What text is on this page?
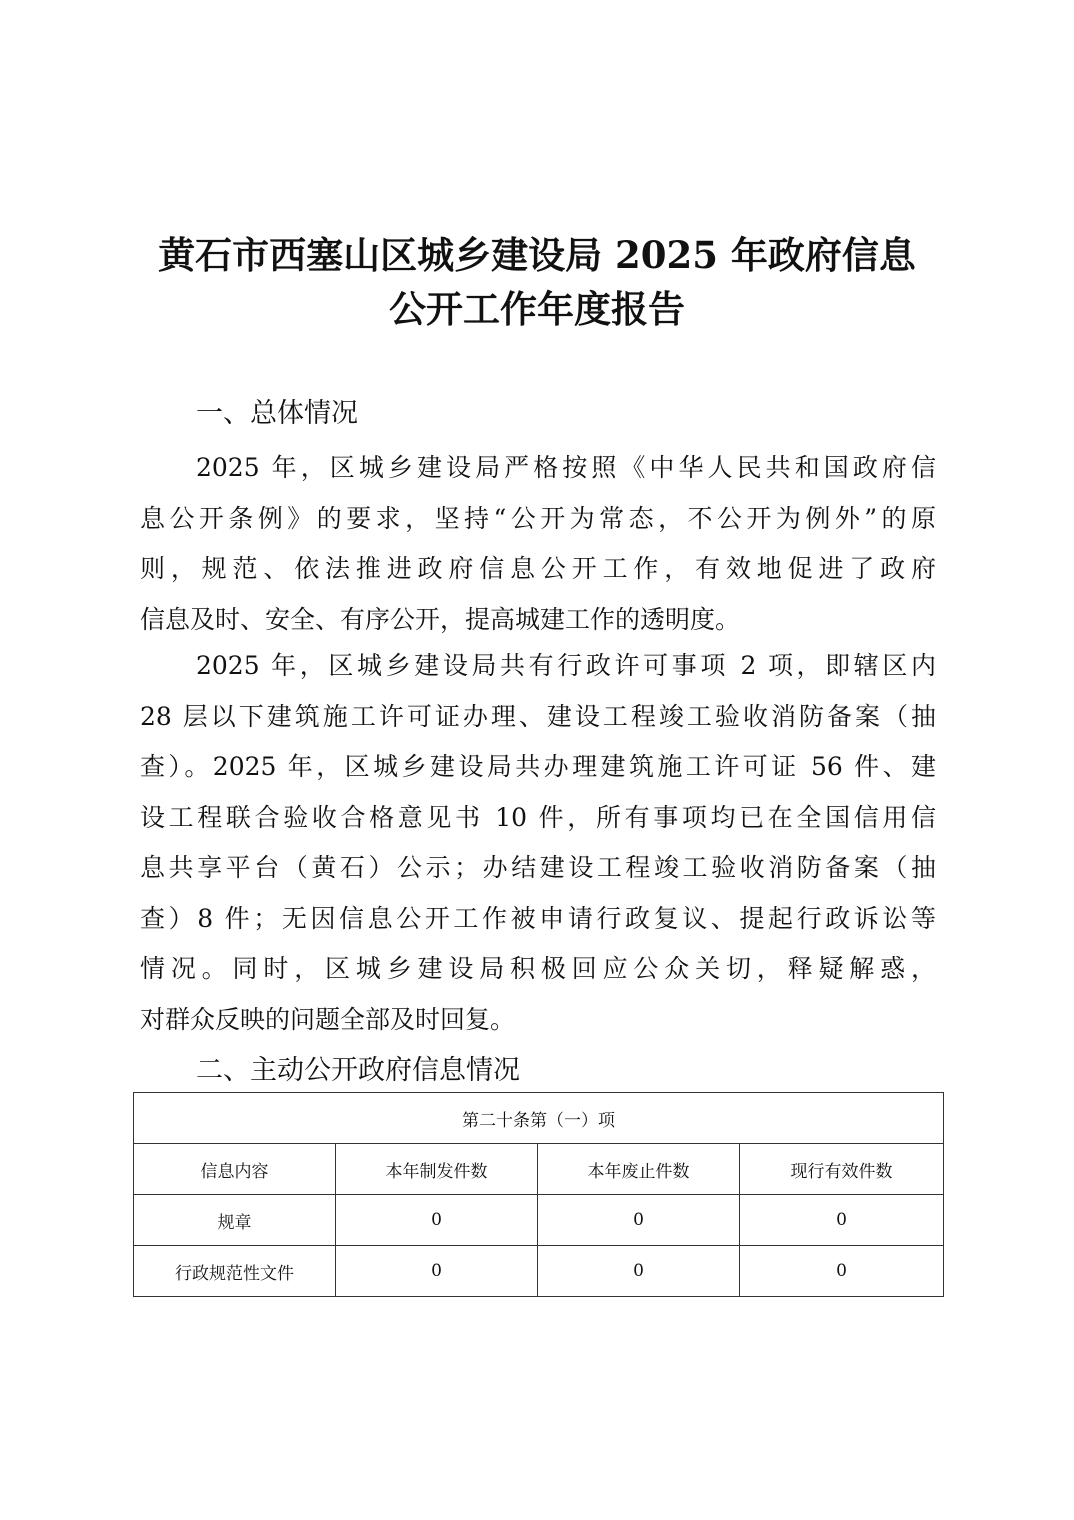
黄石市西塞山区城乡建设局 2025 年政府信息
公开工作年度报告
一、总体情况
2025 年，区城乡建设局严格按照《中华人民共和国政府信
息公开条例》的要求，坚持“公开为常态，不公开为例外”的原
则，规范、依法推进政府信息公开工作，有效地促进了政府
信息及时、安全、有序公开，提高城建工作的透明度。
2025 年，区城乡建设局共有行政许可事项 2 项，即辖区内
28 层以下建筑施工许可证办理、建设工程竣工验收消防备案（抽
查）。2025 年，区城乡建设局共办理建筑施工许可证 56 件、建
设工程联合验收合格意见书 10 件，所有事项均已在全国信用信
息共享平台（黄石）公示；办结建设工程竣工验收消防备案（抽
查）8 件；无因信息公开工作被申请行政复议、提起行政诉讼等
情况。同时，区城乡建设局积极回应公众关切，释疑解惑，
对群众反映的问题全部及时回复。
二、主动公开政府信息情况
第二十条第（一）项			
信息内容	本年制发件数	本年废止件数	现行有效件数
规章	0	0	0
行政规范性文件	0	0	0
